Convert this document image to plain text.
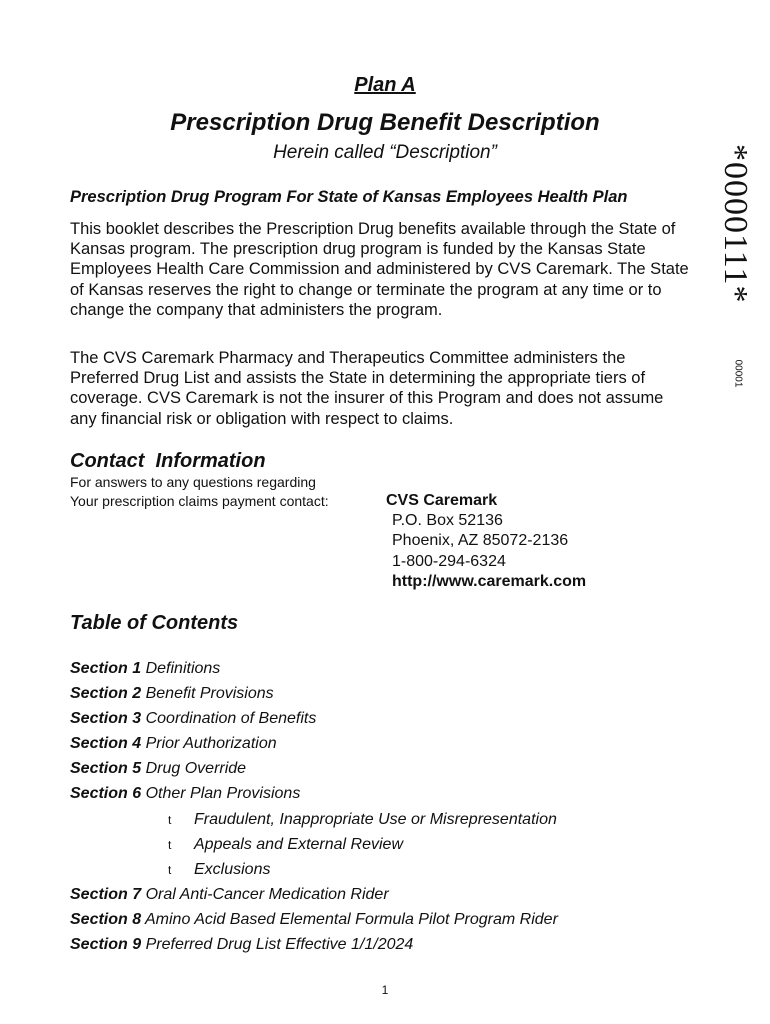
Plan A
Prescription Drug Benefit Description
Herein called “Description”	*0000111*
00001
Prescription Drug Program For State of Kansas Employees Health Plan
This booklet describes the Prescription Drug benefits available through the State of Kansas program. The prescription drug program is funded by the Kansas State Employees Health Care Commission and administered by CVS Caremark. The State of Kansas reserves the right to change or terminate the program at any time or to change the company that administers the program.
The CVS Caremark Pharmacy and Therapeutics Committee administers the Preferred Drug List and assists the State in determining the appropriate tiers of coverage. CVS Caremark is not the insurer of this Program and does not assume any financial risk or obligation with respect to claims.
Contact  Information
For answers to any questions regarding
Your prescription claims payment contact:	CVS Caremark
P.O. Box 52136
Phoenix, AZ 85072-2136
1-800-294-6324
http://www.caremark.com
Table of Contents
Section 1 Definitions
Section 2 Benefit Provisions
Section 3 Coordination of Benefits
Section 4 Prior Authorization
Section 5 Drug Override
Section 6 Other Plan Provisions
t Fraudulent, Inappropriate Use or Misrepresentation
t Appeals and External Review
t Exclusions
Section 7 Oral Anti-Cancer Medication Rider
Section 8 Amino Acid Based Elemental Formula Pilot Program Rider
Section 9 Preferred Drug List Effective 1/1/2024
1
